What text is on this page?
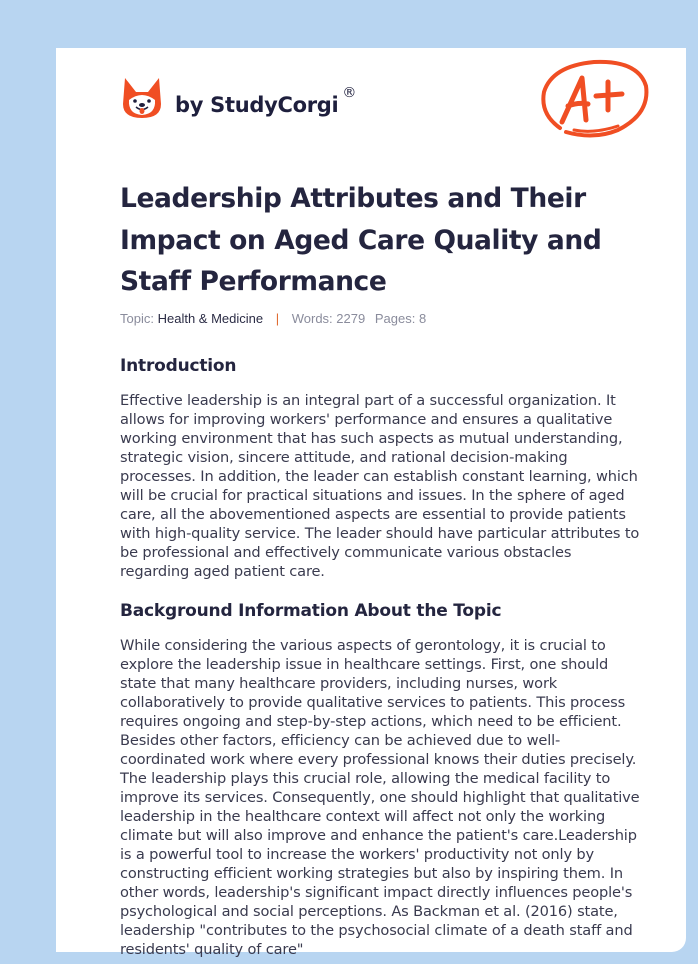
by StudyCorgi ®
Leadership Attributes and Their Impact on Aged Care Quality and Staff Performance
Topic: Health & Medicine | Words: 2279 Pages: 8
Introduction

Effective leadership is an integral part of a successful organization. It allows for improving workers' performance and ensures a qualitative working environment that has such aspects as mutual understanding, strategic vision, sincere attitude, and rational decision-making processes. In addition, the leader can establish constant learning, which will be crucial for practical situations and issues. In the sphere of aged care, all the abovementioned aspects are essential to provide patients with high-quality service. The leader should have particular attributes to be professional and effectively communicate various obstacles regarding aged patient care.

Background Information About the Topic

While considering the various aspects of gerontology, it is crucial to explore the leadership issue in healthcare settings. First, one should state that many healthcare providers, including nurses, work collaboratively to provide qualitative services to patients. This process requires ongoing and step-by-step actions, which need to be efficient. Besides other factors, efficiency can be achieved due to well-coordinated work where every professional knows their duties precisely. The leadership plays this crucial role, allowing the medical facility to improve its services. Consequently, one should highlight that qualitative leadership in the healthcare context will affect not only the working climate but will also improve and enhance the patient's care.Leadership is a powerful tool to increase the workers' productivity not only by constructing efficient working strategies but also by inspiring them. In other words, leadership's significant impact directly influences people's psychological and social perceptions. As Backman et al. (2016) state, leadership "contributes to the psychosocial climate of a death staff and residents' quality of care"
